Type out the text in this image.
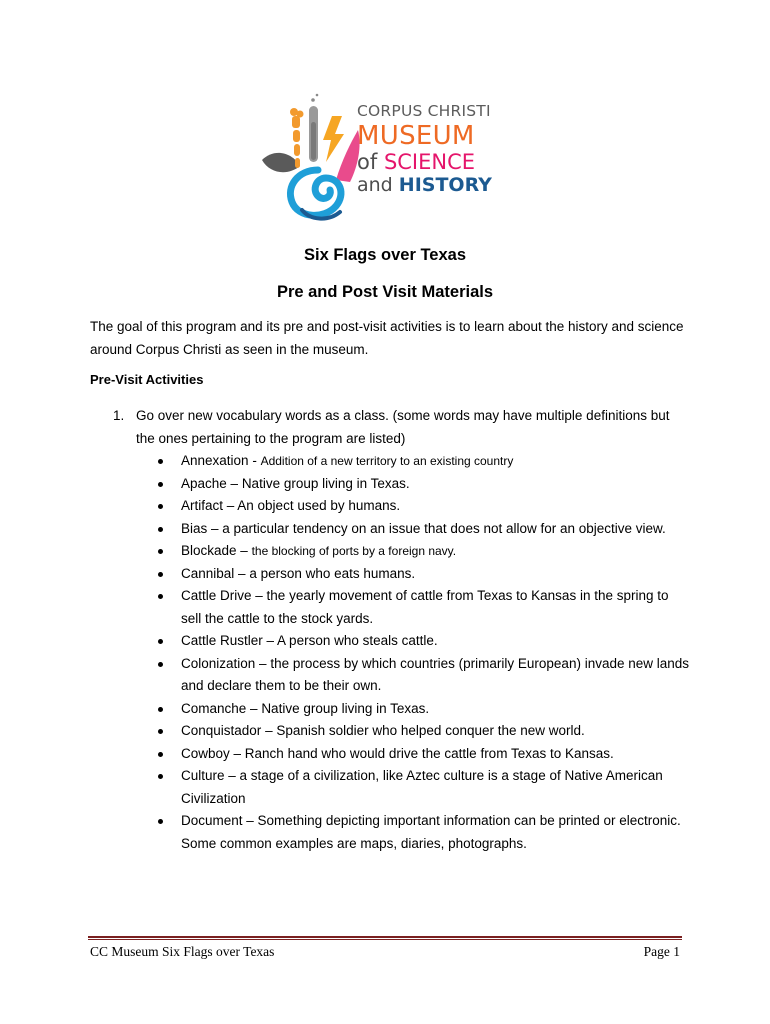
CORPUS CHRISTI
MUSEUM
of SCIENCE
and HISTORY
Six Flags over Texas
Pre and Post Visit Materials
The goal of this program and its pre and post-visit activities is to learn about the history and science around Corpus Christi as seen in the museum.
Pre-Visit Activities
1. Go over new vocabulary words as a class. (some words may have multiple definitions but the ones pertaining to the program are listed)
Annexation - Addition of a new territory to an existing country
Apache – Native group living in Texas.
Artifact – An object used by humans.
Bias – a particular tendency on an issue that does not allow for an objective view.
Blockade – the blocking of ports by a foreign navy.
Cannibal – a person who eats humans.
Cattle Drive – the yearly movement of cattle from Texas to Kansas in the spring to sell the cattle to the stock yards.
Cattle Rustler – A person who steals cattle.
Colonization – the process by which countries (primarily European) invade new lands and declare them to be their own.
Comanche – Native group living in Texas.
Conquistador – Spanish soldier who helped conquer the new world.
Cowboy – Ranch hand who would drive the cattle from Texas to Kansas.
Culture – a stage of a civilization, like Aztec culture is a stage of Native American Civilization
Document – Something depicting important information can be printed or electronic. Some common examples are maps, diaries, photographs.
CC Museum Six Flags over Texas	Page 1
